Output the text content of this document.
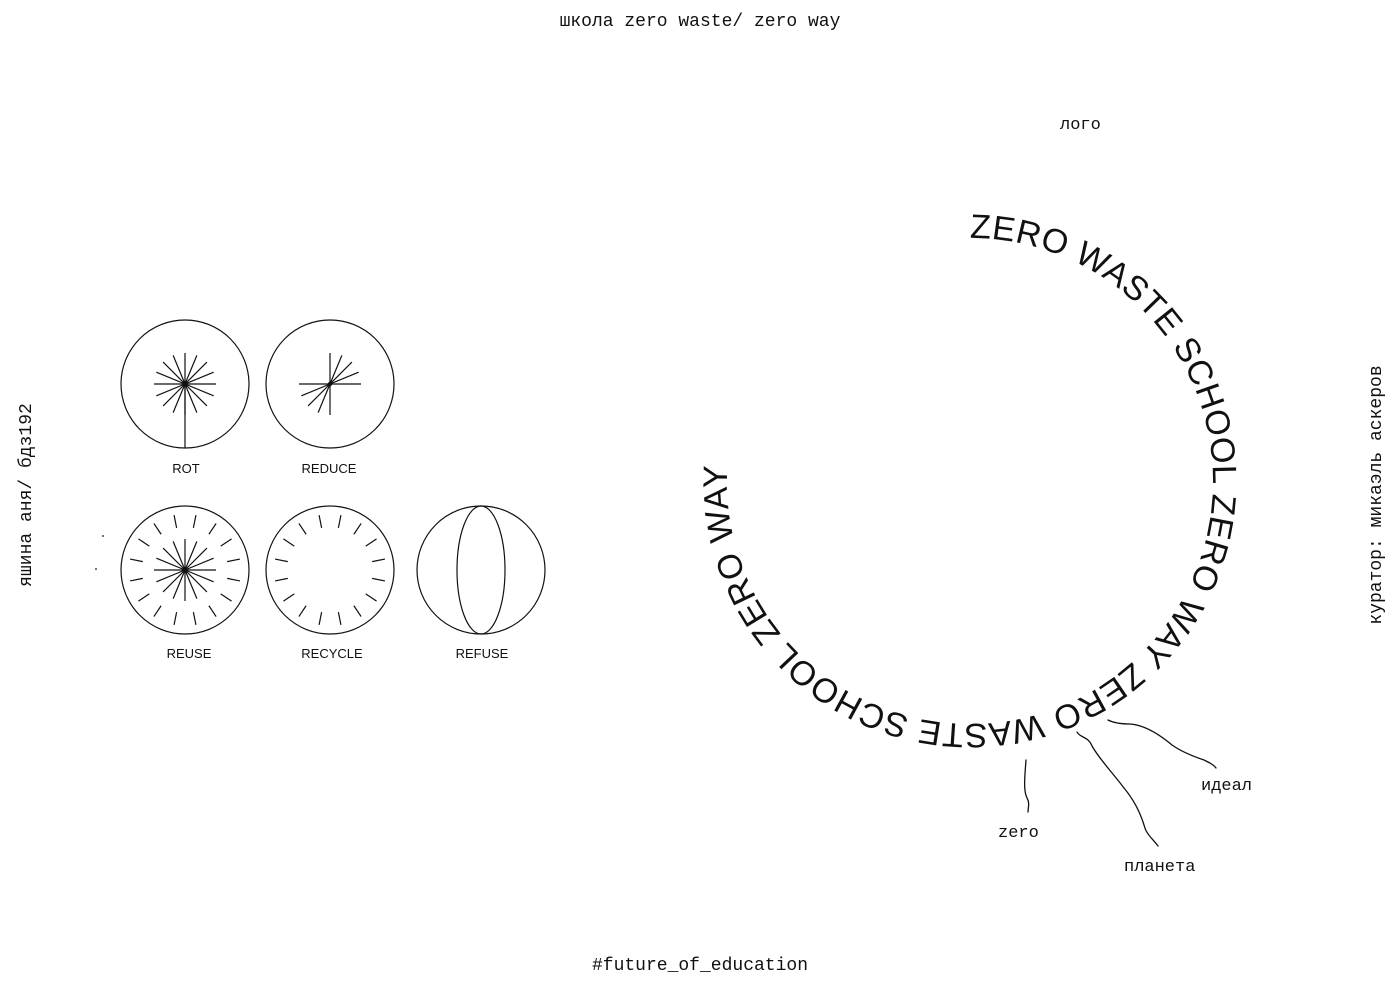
школа zero waste/ zero way
лого
яшина аня/ бдз192	куратор: микаэль аскеров
#future_of_education
ROT	REDUCE
REUSE	RECYCLE	REFUSE
ZERO WASTE SCHOOL ZERO WAY ZERO WASTE SCHOOL ZERO WAY
zero
планета
идеал
